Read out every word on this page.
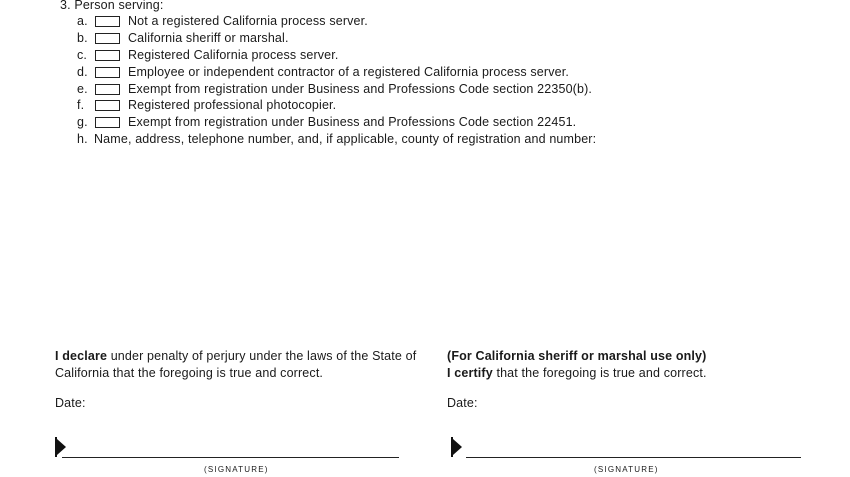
3. Person serving:
a.	Not a registered California process server.
b.	California sheriff or marshal.
c.	Registered California process server.
d.	Employee or independent contractor of a registered California process server.
e.	Exempt from registration under Business and Professions Code section 22350(b).
f.	Registered professional photocopier.
g.	Exempt from registration under Business and Professions Code section 22451.
h. Name, address, telephone number, and, if applicable, county of registration and number:
I declare under penalty of perjury under the laws of the State of
California that the foregoing is true and correct.
Date:
(SIGNATURE)
(For California sheriff or marshal use only)
I certify that the foregoing is true and correct.
Date:
(SIGNATURE)
